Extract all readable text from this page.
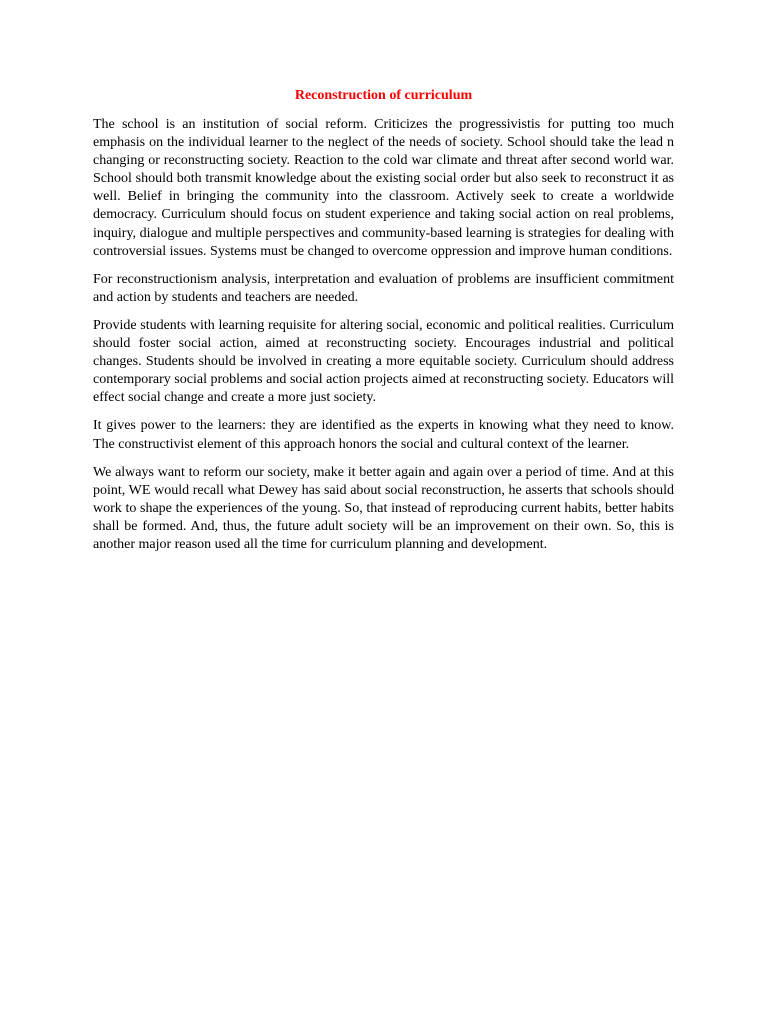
Reconstruction of curriculum

The school is an institution of social reform. Criticizes the progressivistis for putting too much emphasis on the individual learner to the neglect of the needs of society. School should take the lead n changing or reconstructing society. Reaction to the cold war climate and threat after second world war. School should both transmit knowledge about the existing social order but also seek to reconstruct it as well. Belief in bringing the community into the classroom. Actively seek to create a worldwide democracy. Curriculum should focus on student experience and taking social action on real problems, inquiry, dialogue and multiple perspectives and community-based learning is strategies for dealing with controversial issues. Systems must be changed to overcome oppression and improve human conditions.

For reconstructionism analysis, interpretation and evaluation of problems are insufficient commitment and action by students and teachers are needed.

Provide students with learning requisite for altering social, economic and political realities. Curriculum should foster social action, aimed at reconstructing society. Encourages industrial and political changes. Students should be involved in creating a more equitable society. Curriculum should address contemporary social problems and social action projects aimed at reconstructing society. Educators will effect social change and create a more just society.

It gives power to the learners: they are identified as the experts in knowing what they need to know. The constructivist element of this approach honors the social and cultural context of the learner.

We always want to reform our society, make it better again and again over a period of time. And at this point, WE would recall what Dewey has said about social reconstruction, he asserts that schools should work to shape the experiences of the young. So, that instead of reproducing current habits, better habits shall be formed. And, thus, the future adult society will be an improvement on their own. So, this is another major reason used all the time for curriculum planning and development.
